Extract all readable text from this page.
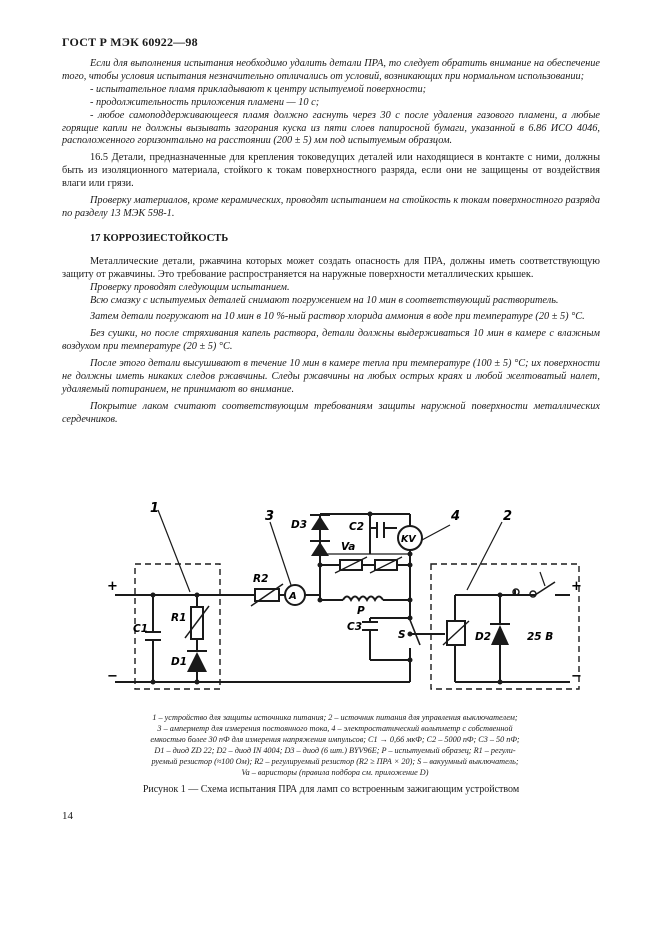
ГОСТ Р МЭК 60922—98

Если для выполнения испытания необходимо удалить детали ПРА, то следует обратить внимание на обеспечение того, чтобы условия испытания незначительно отличались от условий, возникающих при нормальном использовании;

- испытательное пламя прикладывают к центру испытуемой поверхности;

- продолжительность приложения пламени — 10 с;

- любое самоподдерживающееся пламя должно гаснуть через 30 с после удаления газового пламени, а любые горящие капли не должны вызывать загорания куска из пяти слоев папиросной бумаги, указанной в 6.86 ИСО 4046, расположенного горизонтально на расстоянии (200 ± 5) мм под испытуемым образцом.

16.5 Детали, предназначенные для крепления токоведущих деталей или находящиеся в контакте с ними, должны быть из изоляционного материала, стойкого к токам поверхностного разряда, если они не защищены от воздействия влаги или грязи.

Проверку материалов, кроме керамических, проводят испытанием на стойкость к токам поверхностного разряда по разделу 13 МЭК 598-1.

17 КОРРОЗИЕСТОЙКОСТЬ

Металлические детали, ржавчина которых может создать опасность для ПРА, должны иметь соответствующую защиту от ржавчины. Это требование распространяется на наружные поверхности металлических крышек.

Проверку проводят следующим испытанием.

Всю смазку с испытуемых деталей снимают погружением на 10 мин в соответствующий растворитель.

Затем детали погружают на 10 мин в 10 %-ный раствор хлорида аммония в воде при температуре (20 ± 5) °С.

Без сушки, но после стряхивания капель раствора, детали должны выдерживаться 10 мин в камере с влажным воздухом при температуре (20 ± 5) °С.

После этого детали высушивают в течение 10 мин в камере тепла при температуре (100 ± 5) °С; их поверхности не должны иметь никаких следов ржавчины. Следы ржавчины на любых острых краях и любой желтоватый налет, удаляемый потиранием, не принимают во внимание.

Покрытие лаком считают соответствующим требованиям защиты наружной поверхности металлических сердечников.

1
3	4	2
+
−
+
−
C1
R1
D1
R2
A
D3	C2
Va
KV
P
C3
S	D2	25 B
1 – устройство для защиты источника питания; 2 – источник питания для управления выключателем;
3 – амперметр для измерения постоянного тока, 4 – электростатический вольтметр с собственной
емкостью более 30 пФ для измерения напряжения импульсов; C1 → 0,66 мкФ; C2 – 5000 пФ; C3 – 50 пФ;
D1 – диод ZD 22; D2 – диод IN 4004; D3 – диод (6 шт.) BYV96E; P – испытуемый образец; R1 – регули-
руемый резистор (≈100 Ом); R2 – регулируемый резистор (R2 ≥ ПРА × 20); S – вакуумный выключатель;
Va – варисторы (правила подбора см. приложение D)
Рисунок 1 — Схема испытания ПРА для ламп со встроенным зажигающим устройством
14
